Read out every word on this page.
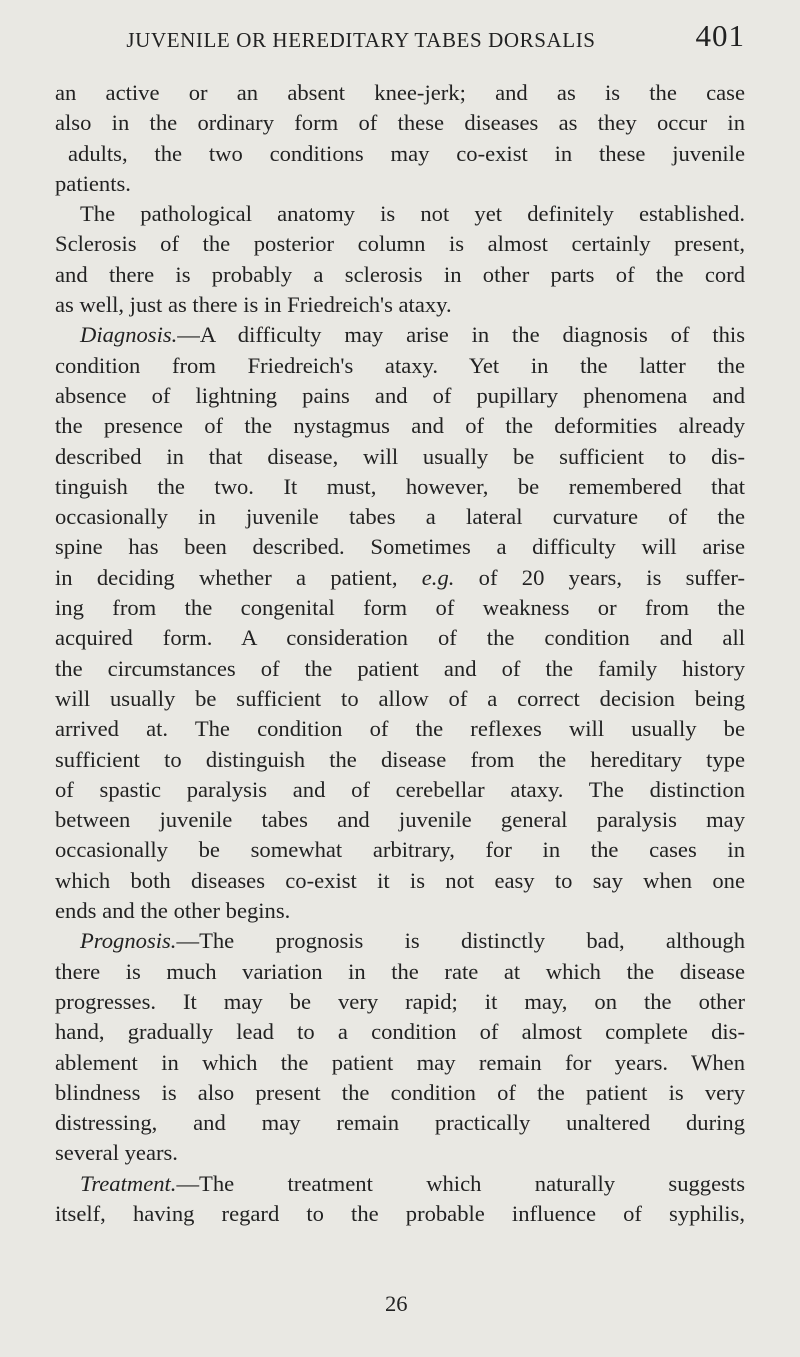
JUVENILE OR HEREDITARY TABES DORSALIS	401
an active or an absent knee-jerk; and as is the case
also in the ordinary form of these diseases as they occur in
adults, the two conditions may co-exist in these juvenile
patients.
The pathological anatomy is not yet definitely established.
Sclerosis of the posterior column is almost certainly present,
and there is probably a sclerosis in other parts of the cord
as well, just as there is in Friedreich's ataxy.
Diagnosis.—A difficulty may arise in the diagnosis of this
condition from Friedreich's ataxy. Yet in the latter the
absence of lightning pains and of pupillary phenomena and
the presence of the nystagmus and of the deformities already
described in that disease, will usually be sufficient to dis-
tinguish the two. It must, however, be remembered that
occasionally in juvenile tabes a lateral curvature of the
spine has been described. Sometimes a difficulty will arise
in deciding whether a patient, e.g. of 20 years, is suffer-
ing from the congenital form of weakness or from the
acquired form. A consideration of the condition and all
the circumstances of the patient and of the family history
will usually be sufficient to allow of a correct decision being
arrived at. The condition of the reflexes will usually be
sufficient to distinguish the disease from the hereditary type
of spastic paralysis and of cerebellar ataxy. The distinction
between juvenile tabes and juvenile general paralysis may
occasionally be somewhat arbitrary, for in the cases in
which both diseases co-exist it is not easy to say when one
ends and the other begins.
Prognosis.—The prognosis is distinctly bad, although
there is much variation in the rate at which the disease
progresses. It may be very rapid; it may, on the other
hand, gradually lead to a condition of almost complete dis-
ablement in which the patient may remain for years. When
blindness is also present the condition of the patient is very
distressing, and may remain practically unaltered during
several years.
Treatment.—The treatment which naturally suggests
itself, having regard to the probable influence of syphilis,
26
